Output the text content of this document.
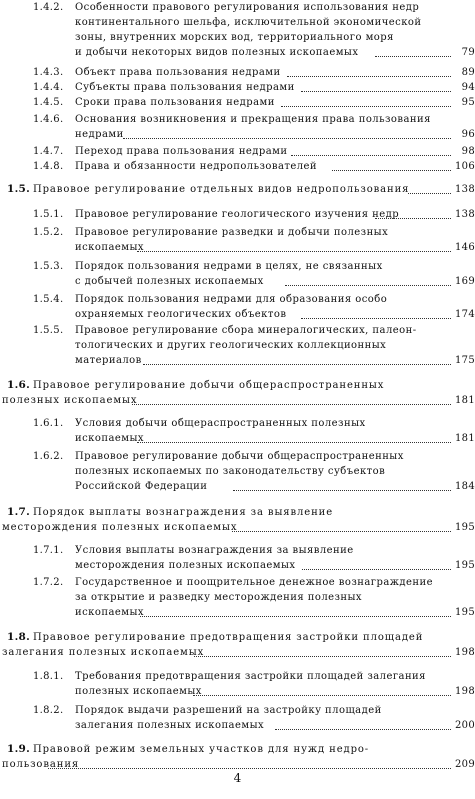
1.4.2. Особенности правового регулирования использования недр
континентального шельфа, исключительной экономической
зоны, внутренних морских вод, территориального моря
и добычи некоторых видов полезных ископаемых	79
1.4.3. Объект права пользования недрами	89
1.4.4. Субъекты права пользования недрами	94
1.4.5. Сроки права пользования недрами	95
1.4.6. Основания возникновения и прекращения права пользования
недрами	96
1.4.7. Переход права пользования недрами	98
1.4.8. Права и обязанности недропользователей	106
1.5. Правовое регулирование отдельных видов недропользования	138
1.5.1. Правовое регулирование геологического изучения недр	138
1.5.2. Правовое регулирование разведки и добычи полезных
ископаемых	146
1.5.3. Порядок пользования недрами в целях, не связанных
с добычей полезных ископаемых	169
1.5.4. Порядок пользования недрами для образования особо
охраняемых геологических объектов	174
1.5.5. Правовое регулирование сбора минералогических, палеон-
тологических и других геологических коллекционных
материалов	175
1.6. Правовое регулирование добычи общераспространенных
полезных ископаемых	181
1.6.1. Условия добычи общераспространенных полезных
ископаемых	181
1.6.2. Правовое регулирование добычи общераспространенных
полезных ископаемых по законодательству субъектов
Российской Федерации	184
1.7. Порядок выплаты вознаграждения за выявление
месторождения полезных ископаемых	195
1.7.1. Условия выплаты вознаграждения за выявление
месторождения полезных ископаемых	195
1.7.2. Государственное и поощрительное денежное вознаграждение
за открытие и разведку месторождения полезных
ископаемых	195
1.8. Правовое регулирование предотвращения застройки площадей
залегания полезных ископаемых	198
1.8.1. Требования предотвращения застройки площадей залегания
полезных ископаемых	198
1.8.2. Порядок выдачи разрешений на застройку площадей
залегания полезных ископаемых	200
1.9. Правовой режим земельных участков для нужд недро-
пользования	209
4
